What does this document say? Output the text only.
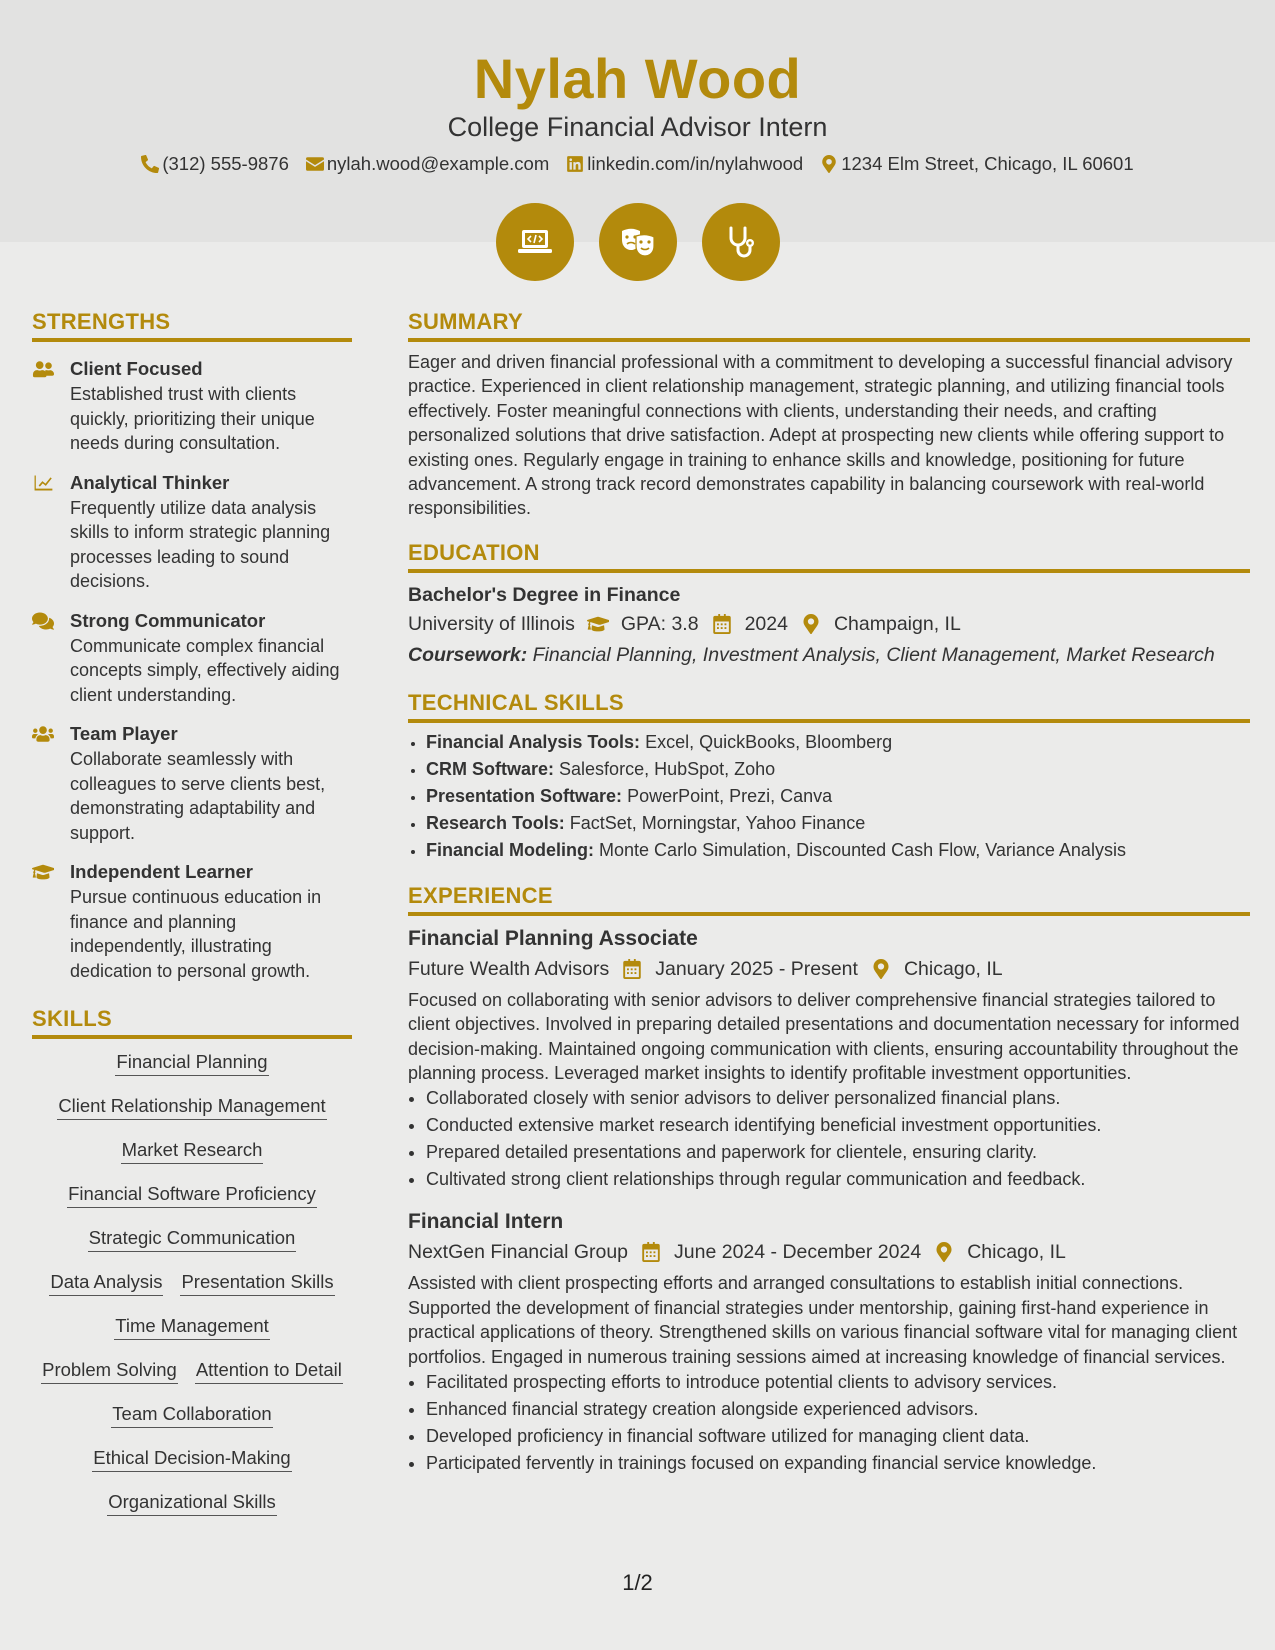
Nylah Wood
College Financial Advisor Intern
(312) 555-9876 nylah.wood@example.com linkedin.com/in/nylahwood 1234 Elm Street, Chicago, IL 60601
STRENGTHS
Client Focused
Established trust with clients quickly, prioritizing their unique needs during consultation.
Analytical Thinker
Frequently utilize data analysis skills to inform strategic planning processes leading to sound decisions.
Strong Communicator
Communicate complex financial concepts simply, effectively aiding client understanding.
Team Player
Collaborate seamlessly with colleagues to serve clients best, demonstrating adaptability and support.
Independent Learner
Pursue continuous education in finance and planning independently, illustrating dedication to personal growth.
SKILLS
Financial Planning
Client Relationship Management
Market Research
Financial Software Proficiency
Strategic Communication
Data Analysis Presentation Skills
Time Management
Problem Solving Attention to Detail
Team Collaboration
Ethical Decision-Making
Organizational Skills
SUMMARY
Eager and driven financial professional with a commitment to developing a successful financial advisory practice. Experienced in client relationship management, strategic planning, and utilizing financial tools effectively. Foster meaningful connections with clients, understanding their needs, and crafting personalized solutions that drive satisfaction. Adept at prospecting new clients while offering support to existing ones. Regularly engage in training to enhance skills and knowledge, positioning for future advancement. A strong track record demonstrates capability in balancing coursework with real-world responsibilities.
EDUCATION
Bachelor's Degree in Finance
University of Illinois GPA: 3.8 2024 Champaign, IL
Coursework: Financial Planning, Investment Analysis, Client Management, Market Research
TECHNICAL SKILLS
• Financial Analysis Tools: Excel, QuickBooks, Bloomberg
• CRM Software: Salesforce, HubSpot, Zoho
• Presentation Software: PowerPoint, Prezi, Canva
• Research Tools: FactSet, Morningstar, Yahoo Finance
• Financial Modeling: Monte Carlo Simulation, Discounted Cash Flow, Variance Analysis
EXPERIENCE
Financial Planning Associate
Future Wealth Advisors January 2025 - Present Chicago, IL
Focused on collaborating with senior advisors to deliver comprehensive financial strategies tailored to client objectives. Involved in preparing detailed presentations and documentation necessary for informed decision-making. Maintained ongoing communication with clients, ensuring accountability throughout the planning process. Leveraged market insights to identify profitable investment opportunities.
• Collaborated closely with senior advisors to deliver personalized financial plans.
• Conducted extensive market research identifying beneficial investment opportunities.
• Prepared detailed presentations and paperwork for clientele, ensuring clarity.
• Cultivated strong client relationships through regular communication and feedback.
Financial Intern
NextGen Financial Group June 2024 - December 2024 Chicago, IL
Assisted with client prospecting efforts and arranged consultations to establish initial connections. Supported the development of financial strategies under mentorship, gaining first-hand experience in practical applications of theory. Strengthened skills on various financial software vital for managing client portfolios. Engaged in numerous training sessions aimed at increasing knowledge of financial services.
• Facilitated prospecting efforts to introduce potential clients to advisory services.
• Enhanced financial strategy creation alongside experienced advisors.
• Developed proficiency in financial software utilized for managing client data.
• Participated fervently in trainings focused on expanding financial service knowledge.
1/2
